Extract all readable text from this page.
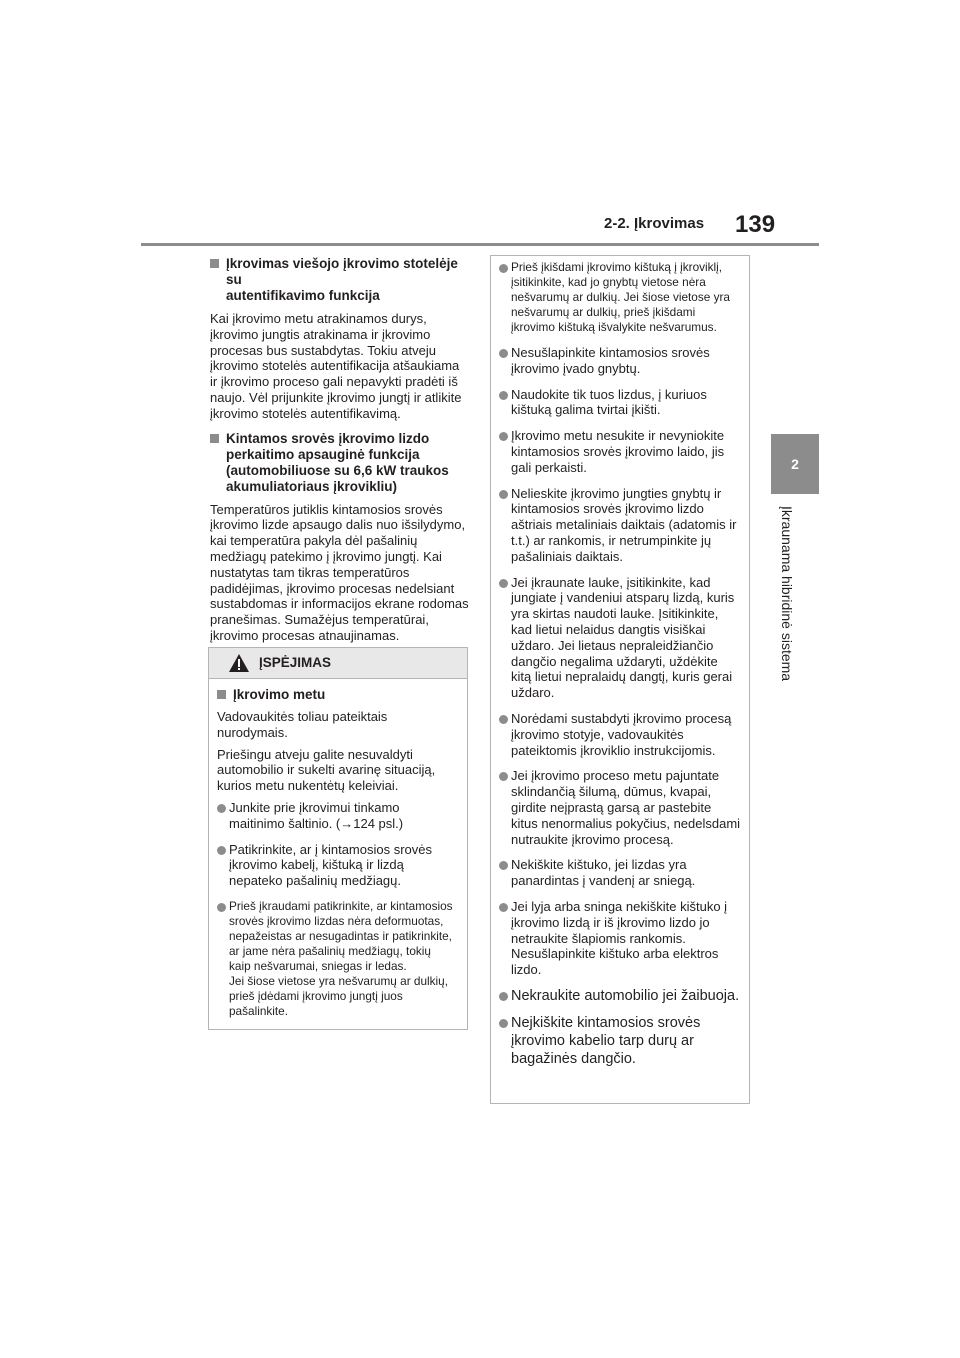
2-2. Įkrovimas 139
2
Įkraunama hibridinė sistema
Įkrovimas viešojo įkrovimo stotelėje su
autentifikavimo funkcija
Kai įkrovimo metu atrakinamos durys,
įkrovimo jungtis atrakinama ir įkrovimo
procesas bus sustabdytas. Tokiu atveju
įkrovimo stotelės autentifikacija atšaukiama
ir įkrovimo proceso gali nepavykti pradėti iš
naujo. Vėl prijunkite įkrovimo jungtį ir atlikite
įkrovimo stotelės autentifikavimą.
Kintamos srovės įkrovimo lizdo
perkaitimo apsauginė funkcija
(automobiliuose su 6,6 kW traukos
akumuliatoriaus įkrovikliu)
Temperatūros jutiklis kintamosios srovės
įkrovimo lizde apsaugo dalis nuo išsilydymo,
kai temperatūra pakyla dėl pašalinių
medžiagų patekimo į įkrovimo jungtį. Kai
nustatytas tam tikras temperatūros
padidėjimas, įkrovimo procesas nedelsiant
sustabdomas ir informacijos ekrane rodomas
pranešimas. Sumažėjus temperatūrai,
įkrovimo procesas atnaujinamas.
ĮSPĖJIMAS
Įkrovimo metu
Vadovaukitės toliau pateiktais
nurodymais.
Priešingu atveju galite nesuvaldyti
automobilio ir sukelti avarinę situaciją,
kurios metu nukentėtų keleiviai.
Junkite prie įkrovimui tinkamo
maitinimo šaltinio. (→124 psl.)
Patikrinkite, ar į kintamosios srovės
įkrovimo kabelį, kištuką ir lizdą
nepateko pašalinių medžiagų.
Prieš įkraudami patikrinkite, ar kintamosios
srovės įkrovimo lizdas nėra deformuotas,
nepažeistas ar nesugadintas ir patikrinkite,
ar jame nėra pašalinių medžiagų, tokių
kaip nešvarumai, sniegas ir ledas.
Jei šiose vietose yra nešvarumų ar dulkių,
prieš įdėdami įkrovimo jungtį juos
pašalinkite.
Prieš įkišdami įkrovimo kištuką į įkroviklį,
įsitikinkite, kad jo gnybtų vietose nėra
nešvarumų ar dulkių. Jei šiose vietose yra
nešvarumų ar dulkių, prieš įkišdami
įkrovimo kištuką išvalykite nešvarumus.
Nesušlapinkite kintamosios srovės
įkrovimo įvado gnybtų.
Naudokite tik tuos lizdus, į kuriuos
kištuką galima tvirtai įkišti.
Įkrovimo metu nesukite ir nevyniokite
kintamosios srovės įkrovimo laido, jis
gali perkaisti.
Nelieskite įkrovimo jungties gnybtų ir
kintamosios srovės įkrovimo lizdo
aštriais metaliniais daiktais (adatomis ir
t.t.) ar rankomis, ir netrumpinkite jų
pašaliniais daiktais.
Jei įkraunate lauke, įsitikinkite, kad
jungiate į vandeniui atsparų lizdą, kuris
yra skirtas naudoti lauke. Įsitikinkite,
kad lietui nelaidus dangtis visiškai
uždaro. Jei lietaus nepraleidžiančio
dangčio negalima uždaryti, uždėkite
kitą lietui nepralaidų dangtį, kuris gerai
uždaro.
Norėdami sustabdyti įkrovimo procesą
įkrovimo stotyje, vadovaukitės
pateiktomis įkroviklio instrukcijomis.
Jei įkrovimo proceso metu pajuntate
sklindančią šilumą, dūmus, kvapai,
girdite neįprastą garsą ar pastebite
kitus nenormalius pokyčius, nedelsdami
nutraukite įkrovimo procesą.
Nekiškite kištuko, jei lizdas yra
panardintas į vandenį ar sniegą.
Jei lyja arba sninga nekiškite kištuko į
įkrovimo lizdą ir iš įkrovimo lizdo jo
netraukite šlapiomis rankomis.
Nesušlapinkite kištuko arba elektros
lizdo.
Nekraukite automobilio jei žaibuoja.
Nejkiškite kintamosios srovės
įkrovimo kabelio tarp durų ar
bagažinės dangčio.
